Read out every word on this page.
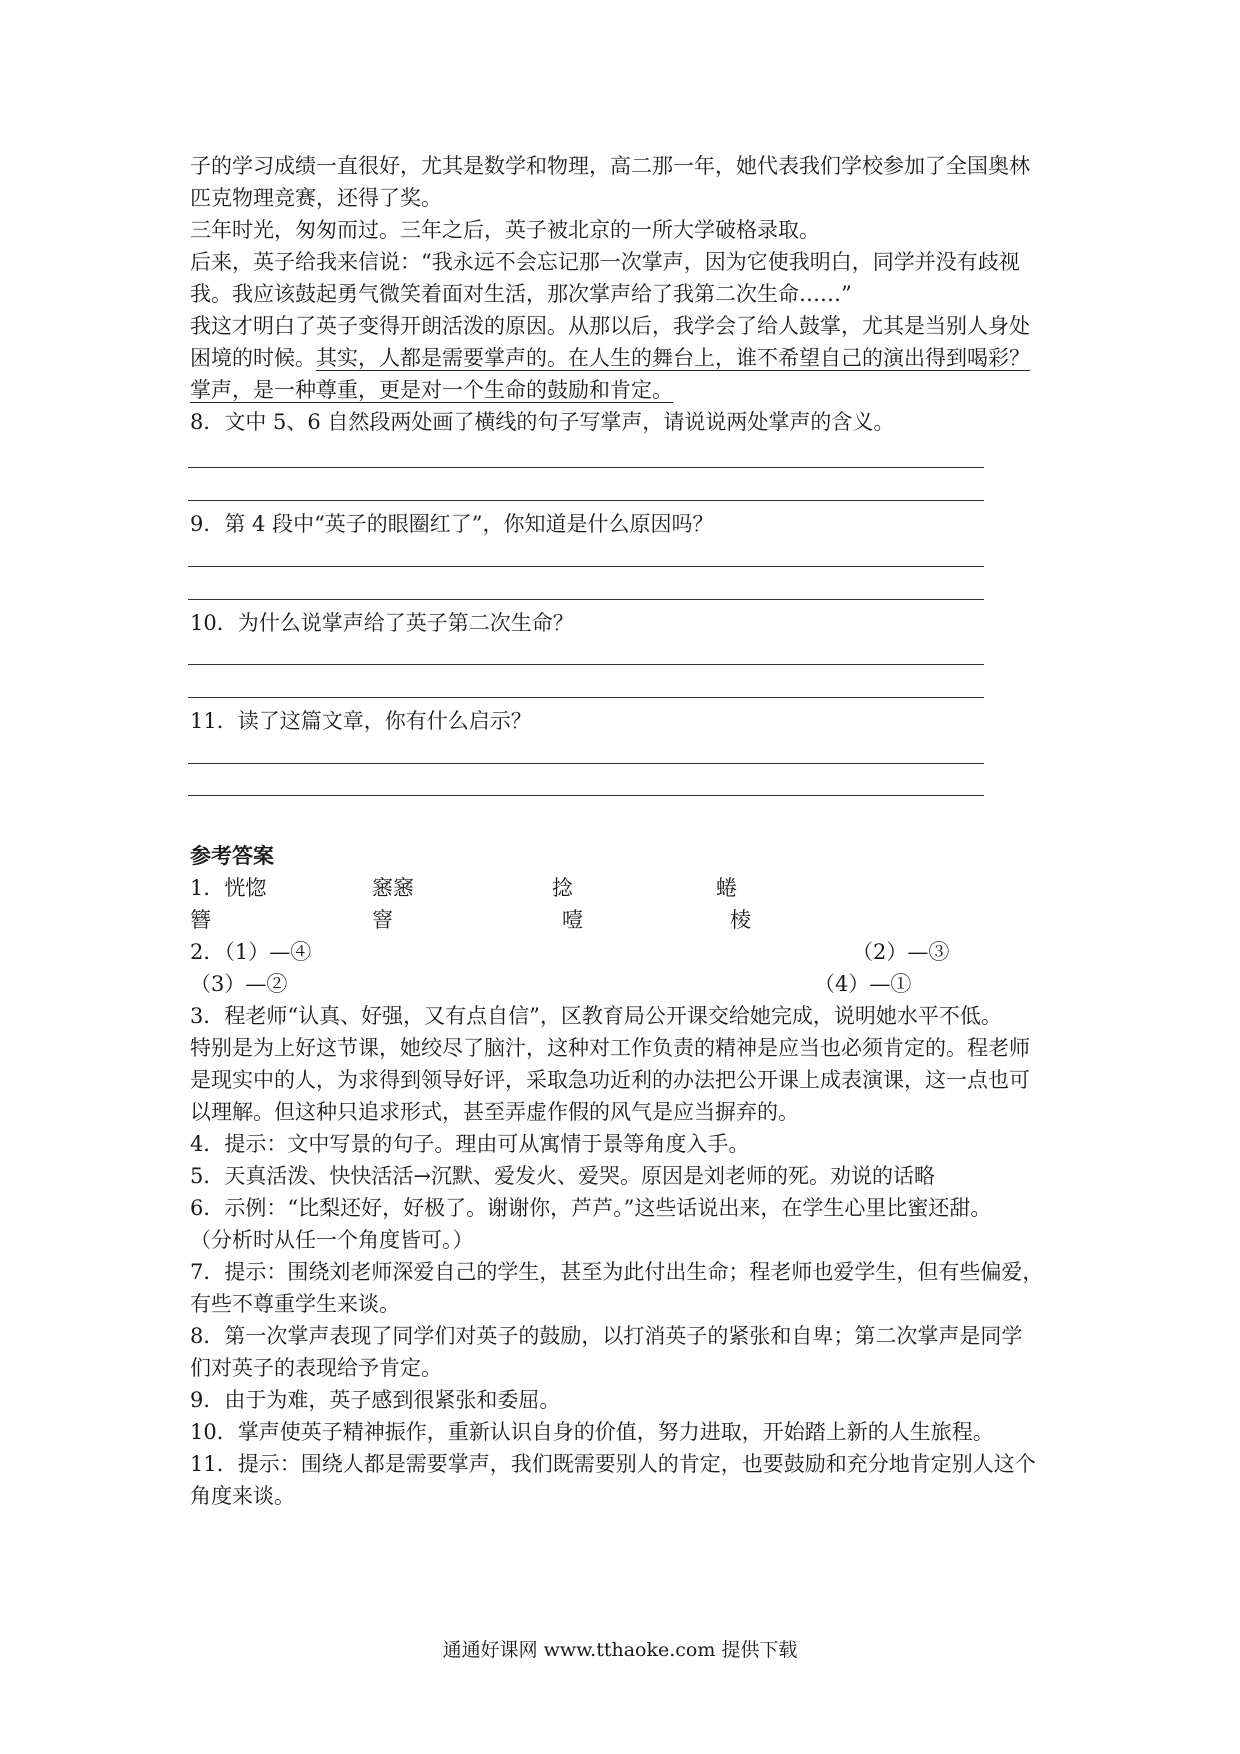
子的学习成绩一直很好，尤其是数学和物理，高二那一年，她代表我们学校参加了全国奥林
匹克物理竞赛，还得了奖。
三年时光，匆匆而过。三年之后，英子被北京的一所大学破格录取。
后来，英子给我来信说：“我永远不会忘记那一次掌声，因为它使我明白，同学并没有歧视
我。我应该鼓起勇气微笑着面对生活，那次掌声给了我第二次生命……”
我这才明白了英子变得开朗活泼的原因。从那以后，我学会了给人鼓掌，尤其是当别人身处
困境的时候。其实，人都是需要掌声的。在人生的舞台上，谁不希望自己的演出得到喝彩？
掌声，是一种尊重，更是对一个生命的鼓励和肯定。
8．文中 5、6 自然段两处画了横线的句子写掌声，请说说两处掌声的含义。
9．第 4 段中“英子的眼圈红了”，你知道是什么原因吗？
10．为什么说掌声给了英子第二次生命？
11．读了这篇文章，你有什么启示？
参考答案
1．恍惚	窸窸	捻	蜷
簪	窨	噎	棱
2．（1）—④	（2）—③
（3）—②	（4）—①
3．程老师“认真、好强，又有点自信”，区教育局公开课交给她完成，说明她水平不低。
特别是为上好这节课，她绞尽了脑汁，这种对工作负责的精神是应当也必须肯定的。程老师
是现实中的人，为求得到领导好评，采取急功近利的办法把公开课上成表演课，这一点也可
以理解。但这种只追求形式，甚至弄虚作假的风气是应当摒弃的。
4．提示：文中写景的句子。理由可从寓情于景等角度入手。
5．天真活泼、快快活活→沉默、爱发火、爱哭。原因是刘老师的死。劝说的话略
6．示例：“比梨还好，好极了。谢谢你，芦芦。”这些话说出来，在学生心里比蜜还甜。
（分析时从任一个角度皆可。）
7．提示：围绕刘老师深爱自己的学生，甚至为此付出生命；程老师也爱学生，但有些偏爱，
有些不尊重学生来谈。
8．第一次掌声表现了同学们对英子的鼓励，以打消英子的紧张和自卑；第二次掌声是同学
们对英子的表现给予肯定。
9．由于为难，英子感到很紧张和委屈。
10．掌声使英子精神振作，重新认识自身的价值，努力进取，开始踏上新的人生旅程。
11．提示：围绕人都是需要掌声，我们既需要别人的肯定，也要鼓励和充分地肯定别人这个
角度来谈。
通通好课网 www.tthaoke.com 提供下载
